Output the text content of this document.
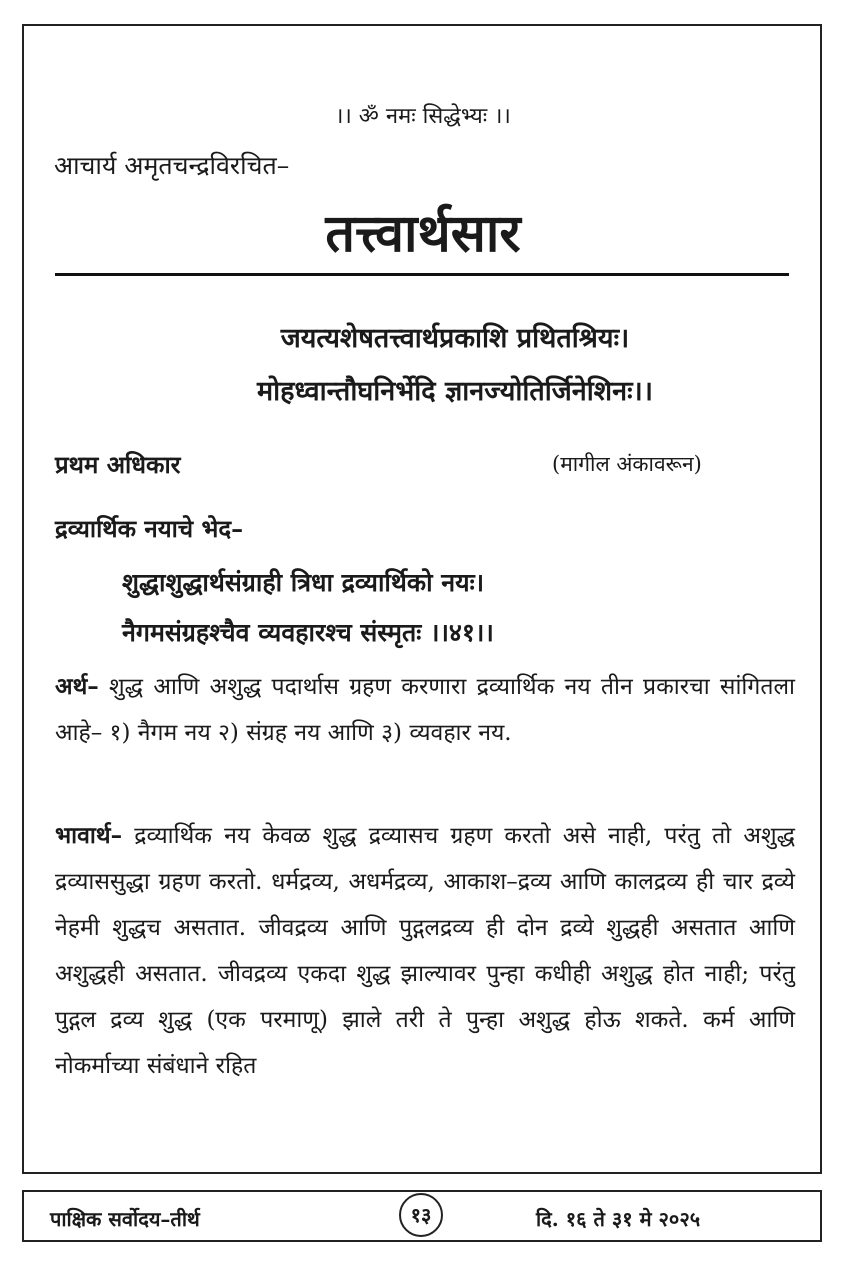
।। ॐ नमः सिद्धेभ्यः ।।
आचार्य अमृतचन्द्रविरचित–
तत्त्वार्थसार
जयत्यशेषतत्त्वार्थप्रकाशि प्रथितश्रियः।
मोहध्वान्तौघनिर्भेदि ज्ञानज्योतिर्जिनेशिनः।।
प्रथम अधिकार	(मागील अंकावरून)
द्रव्यार्थिक नयाचे भेद–
शुद्धाशुद्धार्थसंग्राही त्रिधा द्रव्यार्थिको नयः।
नैगमसंग्रहश्चैव व्यवहारश्च संस्मृतः ।।४१।।
अर्थ– शुद्ध आणि अशुद्ध पदार्थास ग्रहण करणारा द्रव्यार्थिक नय तीन प्रकारचा सांगितला आहे– १) नैगम नय २) संग्रह नय आणि ३) व्यवहार नय.
भावार्थ– द्रव्यार्थिक नय केवळ शुद्ध द्रव्यासच ग्रहण करतो असे नाही, परंतु तो अशुद्ध द्रव्याससुद्धा ग्रहण करतो. धर्मद्रव्य, अधर्मद्रव्य, आकाश–द्रव्य आणि कालद्रव्य ही चार द्रव्ये नेहमी शुद्धच असतात. जीवद्रव्य आणि पुद्गलद्रव्य ही दोन द्रव्ये शुद्धही असतात आणि अशुद्धही असतात. जीवद्रव्य एकदा शुद्ध झाल्यावर पुन्हा कधीही अशुद्ध होत नाही; परंतु पुद्गल द्रव्य शुद्ध (एक परमाणू) झाले तरी ते पुन्हा अशुद्ध होऊ शकते. कर्म आणि नोकर्माच्या संबंधाने रहित
पाक्षिक सर्वोदय–तीर्थ	१३	दि. १६ ते ३१ मे २०२५
